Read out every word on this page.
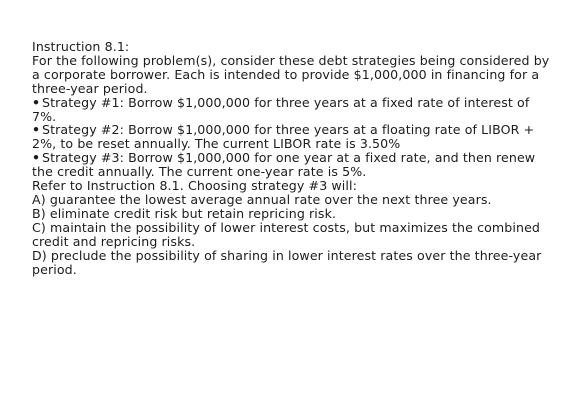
Instruction 8.1:

For the following problem(s), consider these debt strategies being considered by a corporate borrower. Each is intended to provide $1,000,000 in financing for a three-year period.

• Strategy #1: Borrow $1,000,000 for three years at a fixed rate of interest of 7%.

• Strategy #2: Borrow $1,000,000 for three years at a floating rate of LIBOR + 2%, to be reset annually. The current LIBOR rate is 3.50%

• Strategy #3: Borrow $1,000,000 for one year at a fixed rate, and then renew the credit annually. The current one-year rate is 5%.

Refer to Instruction 8.1. Choosing strategy #3 will:

A) guarantee the lowest average annual rate over the next three years.

B) eliminate credit risk but retain repricing risk.

C) maintain the possibility of lower interest costs, but maximizes the combined credit and repricing risks.

D) preclude the possibility of sharing in lower interest rates over the three-year period.
